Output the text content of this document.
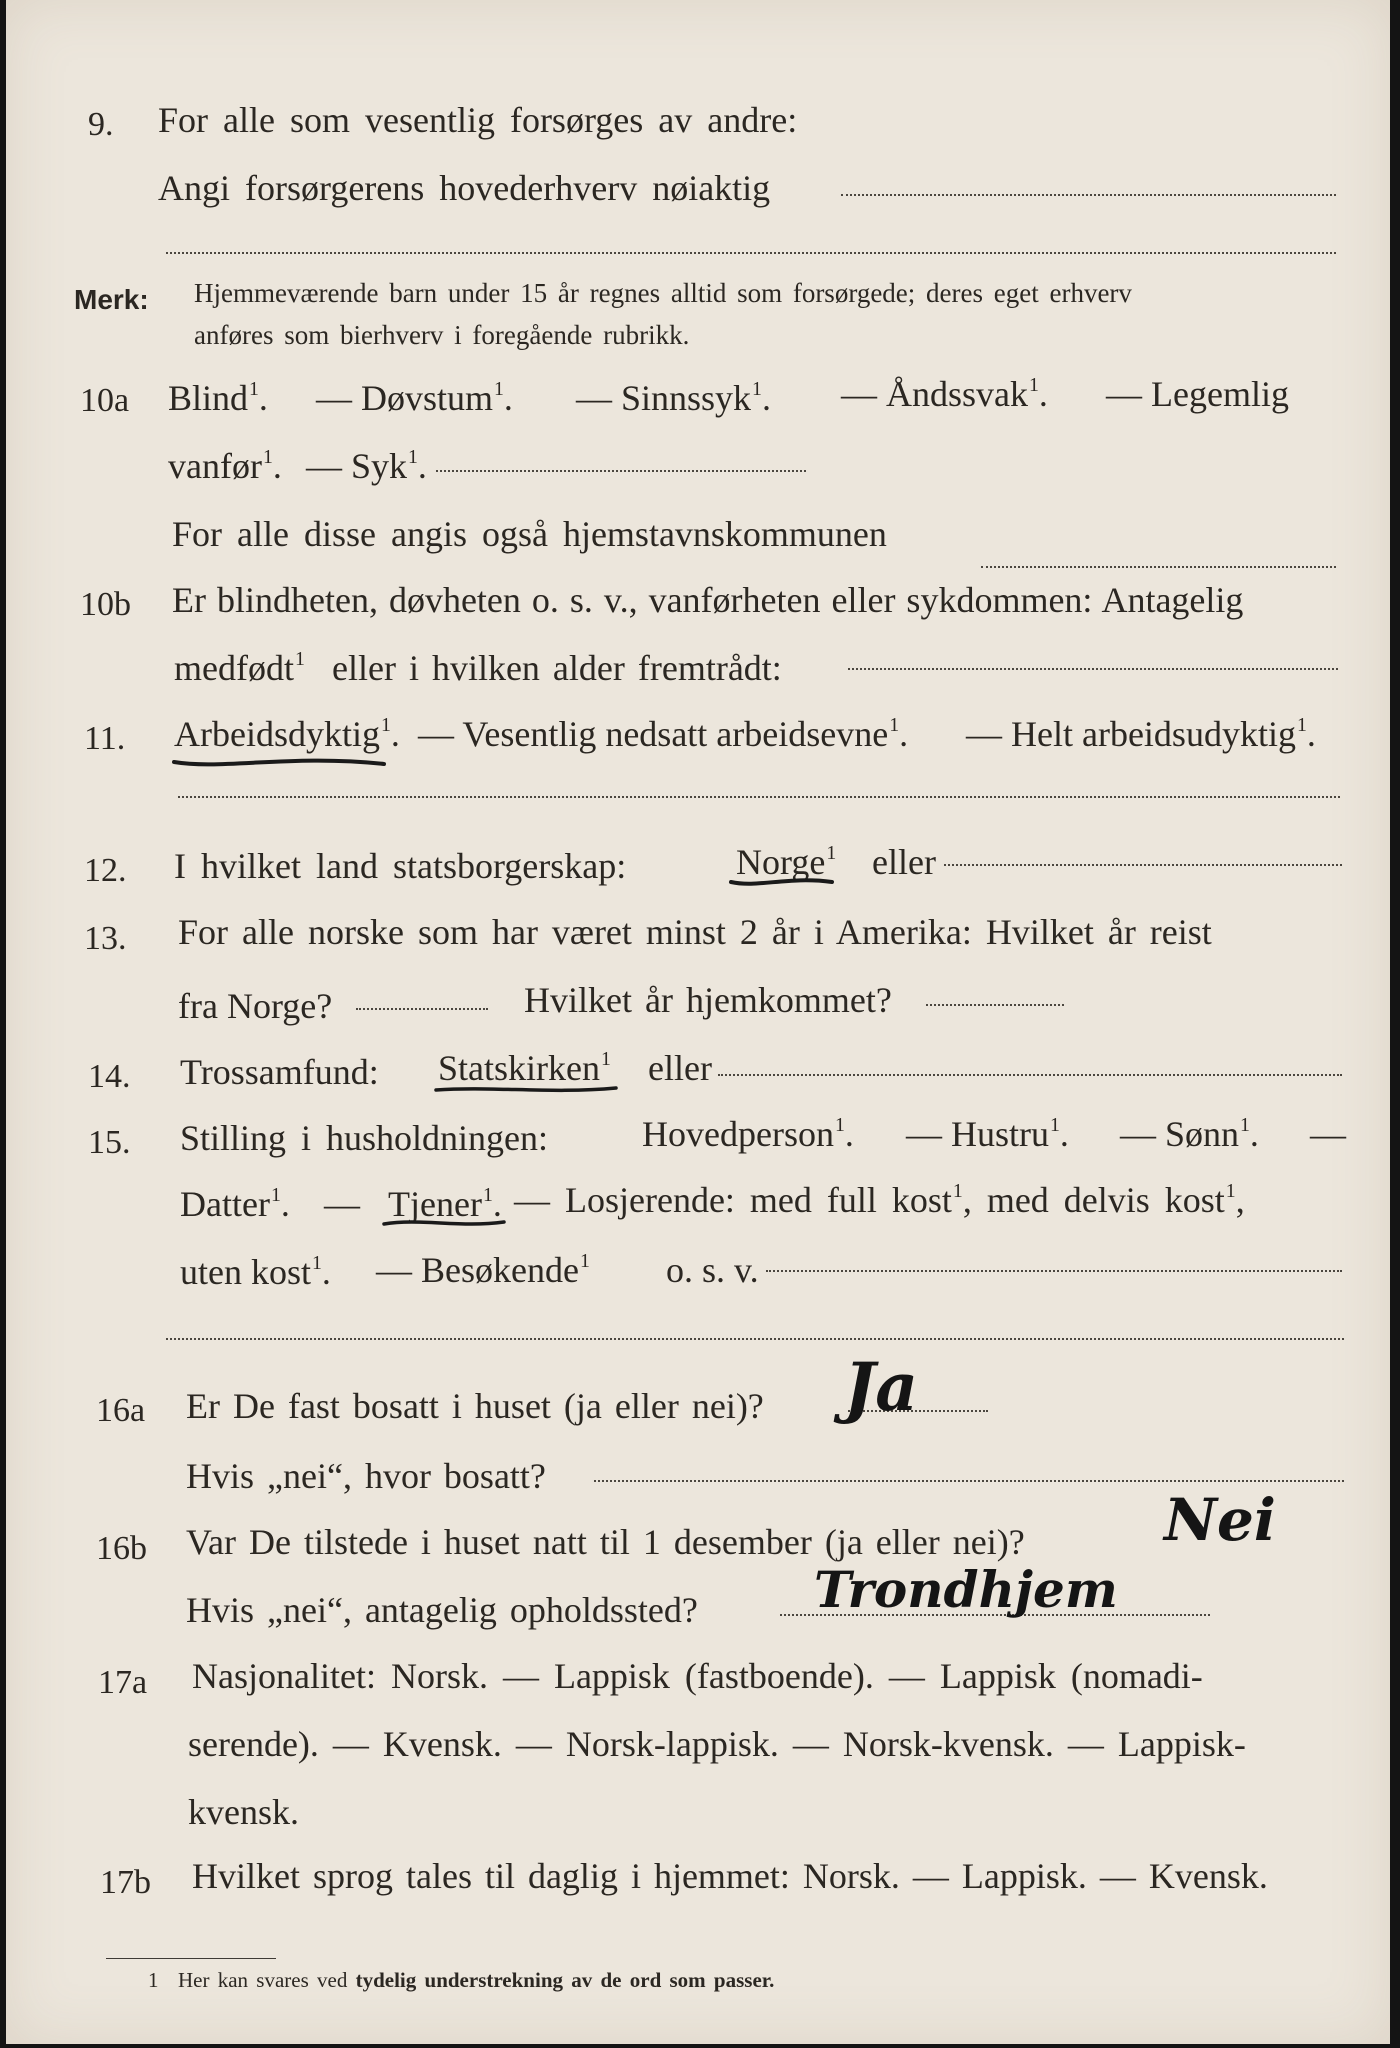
9. For alle som vesentlig forsørges av andre:
Angi forsørgerens hovederhverv nøiaktig
Merk: Hjemmeværende barn under 15 år regnes alltid som forsørgede; deres eget erhverv
anføres som bierhverv i foregående rubrikk.
10a Blind$^1$. — Døvstum$^1$. — Sinnssyk$^1$. — Åndssvak$^1$. — Legemlig
vanfør$^1$. — Syk$^1$.
For alle disse angis også hjemstavnskommunen
10b Er blindheten, døvheten o. s. v., vanførheten eller sykdommen: Antagelig
medfødt$^1$ eller i hvilken alder fremtrådt:
11. Arbeidsdyktig$^1$. — Vesentlig nedsatt arbeidsevne$^1$. — Helt arbeidsudyktig$^1$.
12. I hvilket land statsborgerskap:	Norge$^1$ eller
13. For alle norske som har været minst 2 år i Amerika: Hvilket år reist
fra Norge?	Hvilket år hjemkommet?
14. Trossamfund: Statskirken$^1$ eller
15. Stilling i husholdningen:	Hovedperson$^1$. — Hustru$^1$. — Sønn$^1$. —
Datter$^1$. — Tjener$^1$. — Losjerende: med full kost$^1$, med delvis kost$^1$,
uten kost$^1$. — Besøkende$^1$ o. s. v.
16a Er De fast bosatt i huset (ja eller nei)? Ja
Hvis „nei“, hvor bosatt?
16b Var De tilstede i huset natt til 1 desember (ja eller nei)? Nei
Hvis „nei“, antagelig opholdssted? Trondhjem
17a Nasjonalitet: Norsk. — Lappisk (fastboende). — Lappisk (nomadi-
serende). — Kvensk. — Norsk-lappisk. — Norsk-kvensk. — Lappisk-
kvensk.
17b Hvilket sprog tales til daglig i hjemmet: Norsk. — Lappisk. — Kvensk.
1 Her kan svares ved tydelig understrekning av de ord som passer.
